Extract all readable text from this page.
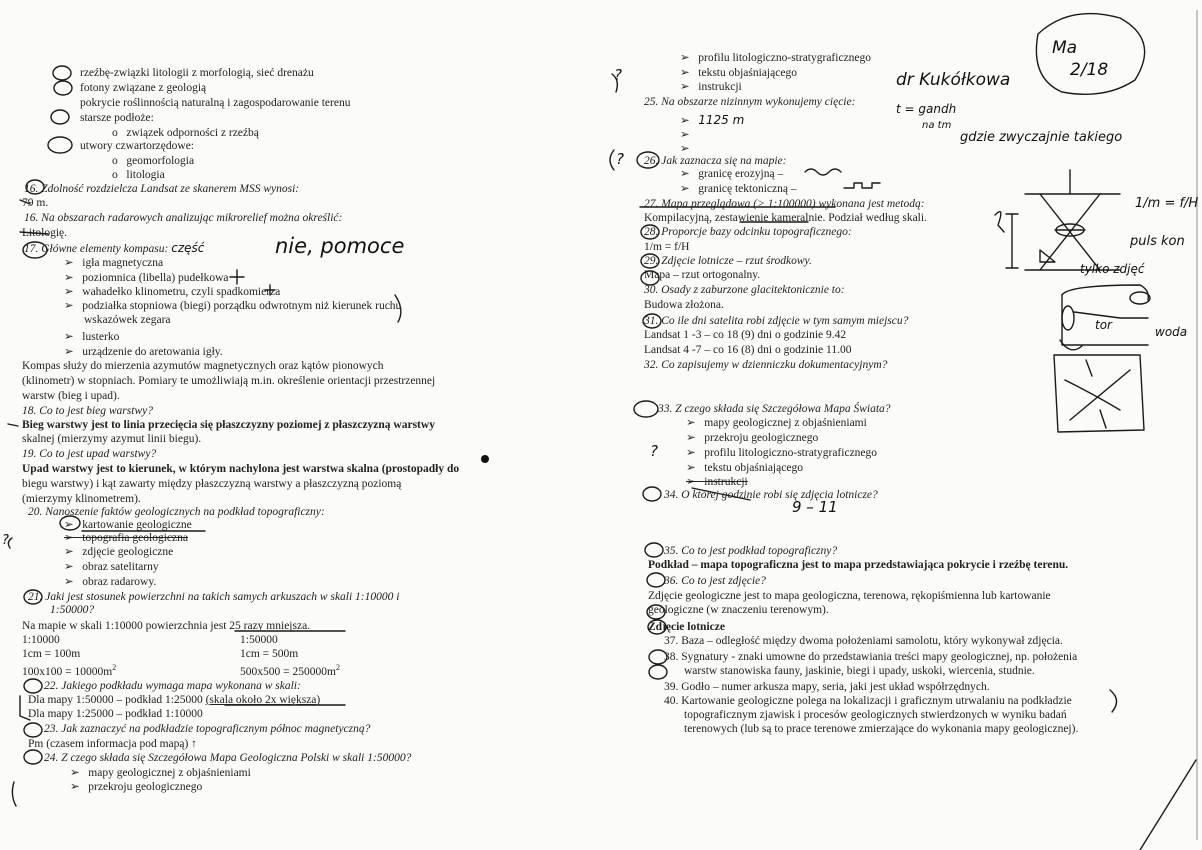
rzeźbę-związki litologii z morfologią, sieć drenażu
fotony związane z geologią
pokrycie roślinnością naturalną i zagospodarowanie terenu
starsze podłoże:
o   związek odporności z rzeźbą
utwory czwartorzędowe:
o   geomorfologia
o   litologia
16. Zdolność rozdzielcza Landsat ze skanerem MSS wynosi:
79 m.
16. Na obszarach radarowych analizując mikrorelief można określić:
Litologię.
17. Główne elementy kompasu: część	nie, pomoce
➢   igła magnetyczna
➢   poziomnica (libella) pudełkowa
➢   wahadełko klinometru, czyli spadkomierza
➢   podziałka stopniowa (biegi) porządku odwrotnym niż kierunek ruchu
wskazówek zegara
➢   lusterko
➢   urządzenie do aretowania igły.
Kompas służy do mierzenia azymutów magnetycznych oraz kątów pionowych
(klinometr) w stopniach. Pomiary te umożliwiają m.in. określenie orientacji przestrzennej
warstw (bieg i upad).
18. Co to jest bieg warstwy?
Bieg warstwy jest to linia przecięcia się płaszczyzny poziomej z płaszczyzną warstwy
skalnej (mierzymy azymut linii biegu).
19. Co to jest upad warstwy?
Upad warstwy jest to kierunek, w którym nachylona jest warstwa skalna (prostopadły do
biegu warstwy) i kąt zawarty między płaszczyzną warstwy a płaszczyzną poziomą
(mierzymy klinometrem).
20. Nanoszenie faktów geologicznych na podkład topograficzny:
➢   kartowanie geologiczne
➢   topografia geologiczna
➢   zdjęcie geologiczne
➢   obraz satelitarny
➢   obraz radarowy.
21. Jaki jest stosunek powierzchni na takich samych arkuszach w skali 1:10000 i
1:50000?
Na mapie w skali 1:10000 powierzchnia jest 25 razy mniejsza.
1:10000	1:50000
1cm = 100m	1cm = 500m
$100x100 = 10000m^2$	$500x500 = 250000m^2$
22. Jakiego podkładu wymaga mapa wykonana w skali:
Dla mapy 1:50000 – podkład 1:25000 (skala około 2x większa)
Dla mapy 1:25000 – podkład 1:10000
23. Jak zaznaczyć na podkładzie topograficznym północ magnetyczną?
Pm (czasem informacja pod mapą) ↑
24. Z czego składa się Szczegółowa Mapa Geologiczna Polski w skali 1:50000?
➢   mapy geologicznej z objaśnieniami
➢   przekroju geologicznego
?
➢   profilu litologiczno-stratygraficznego
➢   tekstu objaśniającego
➢   instrukcji
25. Na obszarze nizinnym wykonujemy cięcie:
➢   1125 m
➢
➢
26. Jak zaznacza się na mapie:
➢   granicę erozyjną –
➢   granicę tektoniczną –
27. Mapa przeglądowa (> 1:100000) wykonana jest metodą:
Kompilacyjną, zestawienie kameralnie. Podział według skali.
28. Proporcje bazy odcinku topograficznego:
1/m = f/H
29. Zdjęcie lotnicze – rzut środkowy.
Mapa – rzut ortogonalny.
30. Osady z zaburzone glacitektonicznie to:
Budowa złożona.
31. Co ile dni satelita robi zdjęcie w tym samym miejscu?
Landsat 1 -3 – co 18 (9) dni o godzinie 9.42
Landsat 4 -7 – co 16 (8) dni o godzinie 11.00
32. Co zapisujemy w dzienniczku dokumentacyjnym?
33. Z czego składa się Szczegółowa Mapa Świata?
➢   mapy geologicznej z objaśnieniami
➢   przekroju geologicznego
➢   profilu litologiczno-stratygraficznego
➢   tekstu objaśniającego
➢   instrukcji
34. O której godzinie robi się zdjęcia lotnicze?
9 – 11
35. Co to jest podkład topograficzny?
Podkład – mapa topograficzna jest to mapa przedstawiająca pokrycie i rzeźbę terenu.
36. Co to jest zdjęcie?
Zdjęcie geologiczne jest to mapa geologiczna, terenowa, rękopiśmienna lub kartowanie
geologiczne (w znaczeniu terenowym).
Zdjęcie lotnicze
37. Baza – odległość między dwoma położeniami samolotu, który wykonywał zdjęcia.
38. Sygnatury - znaki umowne do przedstawiania treści mapy geologicznej, np. położenia
warstw stanowiska fauny, jaskinie, biegi i upady, uskoki, wiercenia, studnie.
39. Godło – numer arkusza mapy, seria, jaki jest układ współrzędnych.
40. Kartowanie geologiczne polega na lokalizacji i graficznym utrwalaniu na podkładzie
topograficznym zjawisk i procesów geologicznych stwierdzonych w wyniku badań
terenowych (lub są to prace terenowe zmierzające do wykonania mapy geologicznej).
Ma
2/18
dr Kukółkowa
t = gandh
na tm
gdzie zwyczajnie takiego
1/m = f/H
puls kon
tylko zdjęć
tor	woda
?
?
?
